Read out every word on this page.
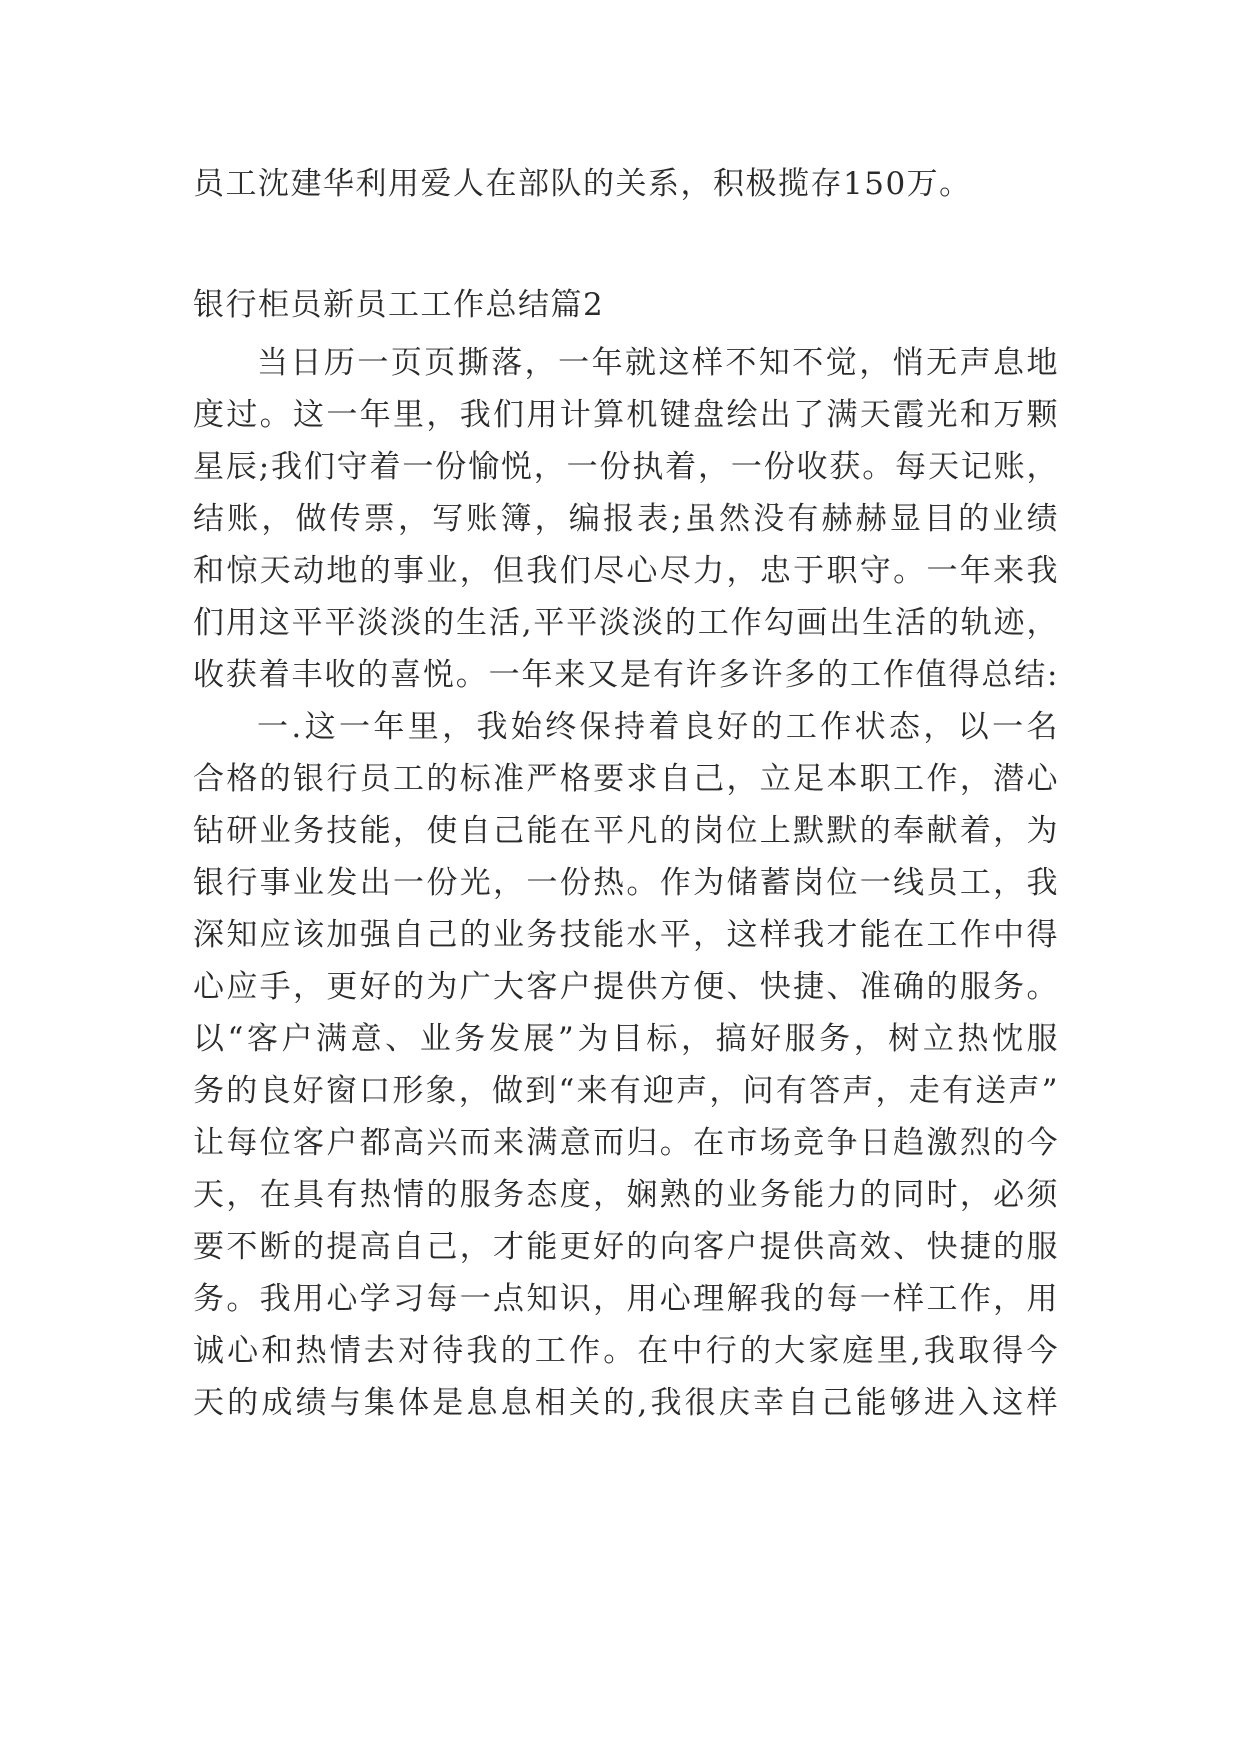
员工沈建华利用爱人在部队的关系，积极揽存150万。
银行柜员新员工工作总结篇2
当日历一页页撕落，一年就这样不知不觉，悄无声息地
度过。这一年里，我们用计算机键盘绘出了满天霞光和万颗
星辰;我们守着一份愉悦，一份执着，一份收获。每天记账，
结账，做传票，写账簿，编报表;虽然没有赫赫显目的业绩
和惊天动地的事业，但我们尽心尽力，忠于职守。一年来我
们用这平平淡淡的生活,平平淡淡的工作勾画出生活的轨迹，
收获着丰收的喜悦。一年来又是有许多许多的工作值得总结:
一.这一年里，我始终保持着良好的工作状态，以一名
合格的银行员工的标准严格要求自己，立足本职工作，潜心
钻研业务技能，使自己能在平凡的岗位上默默的奉献着，为
银行事业发出一份光，一份热。作为储蓄岗位一线员工，我
深知应该加强自己的业务技能水平，这样我才能在工作中得
心应手，更好的为广大客户提供方便、快捷、准确的服务。
以“客户满意、业务发展”为目标，搞好服务，树立热忱服
务的良好窗口形象，做到“来有迎声，问有答声，走有送声”
让每位客户都高兴而来满意而归。在市场竞争日趋激烈的今
天，在具有热情的服务态度，娴熟的业务能力的同时，必须
要不断的提高自己，才能更好的向客户提供高效、快捷的服
务。我用心学习每一点知识，用心理解我的每一样工作，用
诚心和热情去对待我的工作。在中行的大家庭里,我取得今
天的成绩与集体是息息相关的,我很庆幸自己能够进入这样
